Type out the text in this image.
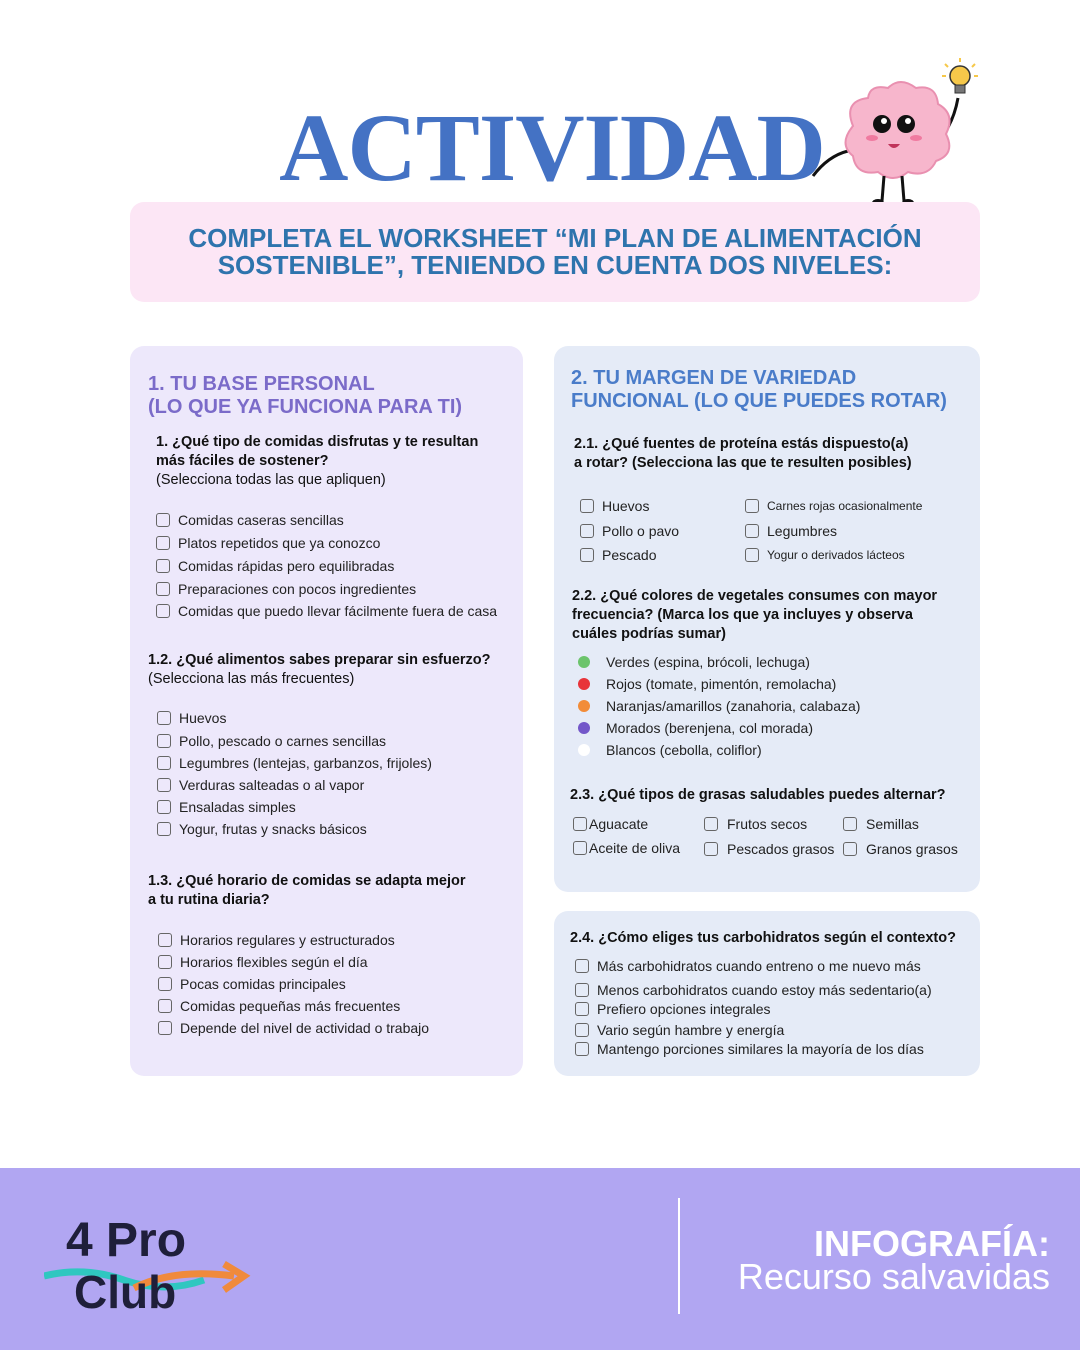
ACTIVIDAD
COMPLETA EL WORKSHEET “MI PLAN DE ALIMENTACIÓN
SOSTENIBLE”, TENIENDO EN CUENTA DOS NIVELES:
1. TU BASE PERSONAL
(LO QUE YA FUNCIONA PARA TI)
1. ¿Qué tipo de comidas disfrutas y te resultan
más fáciles de sostener?
(Selecciona todas las que apliquen)
Comidas caseras sencillas
Platos repetidos que ya conozco
Comidas rápidas pero equilibradas
Preparaciones con pocos ingredientes
Comidas que puedo llevar fácilmente fuera de casa
1.2. ¿Qué alimentos sabes preparar sin esfuerzo?
(Selecciona las más frecuentes)
Huevos
Pollo, pescado o carnes sencillas
Legumbres (lentejas, garbanzos, frijoles)
Verduras salteadas o al vapor
Ensaladas simples
Yogur, frutas y snacks básicos
1.3. ¿Qué horario de comidas se adapta mejor
a tu rutina diaria?
Horarios regulares y estructurados
Horarios flexibles según el día
Pocas comidas principales
Comidas pequeñas más frecuentes
Depende del nivel de actividad o trabajo
2. TU MARGEN DE VARIEDAD
FUNCIONAL (LO QUE PUEDES ROTAR)
2.1. ¿Qué fuentes de proteína estás dispuesto(a)
a rotar? (Selecciona las que te resulten posibles)
Huevos
Pollo o pavo
Pescado
Carnes rojas ocasionalmente
Legumbres
Yogur o derivados lácteos
2.2. ¿Qué colores de vegetales consumes con mayor
frecuencia? (Marca los que ya incluyes y observa
cuáles podrías sumar)
Verdes (espina, brócoli, lechuga)
Rojos (tomate, pimentón, remolacha)
Naranjas/amarillos (zanahoria, calabaza)
Morados (berenjena, col morada)
Blancos (cebolla, coliflor)
2.3. ¿Qué tipos de grasas saludables puedes alternar?
Aguacate
Aceite de oliva
Frutos secos
Pescados grasos
Semillas
Granos grasos
2.4. ¿Cómo eliges tus carbohidratos según el contexto?
Más carbohidratos cuando entreno o me nuevo más
Menos carbohidratos cuando estoy más sedentario(a)
Prefiero opciones integrales
Vario según hambre y energía
Mantengo porciones similares la mayoría de los días
4 Pro
Club
INFOGRAFÍA:
Recurso salvavidas
